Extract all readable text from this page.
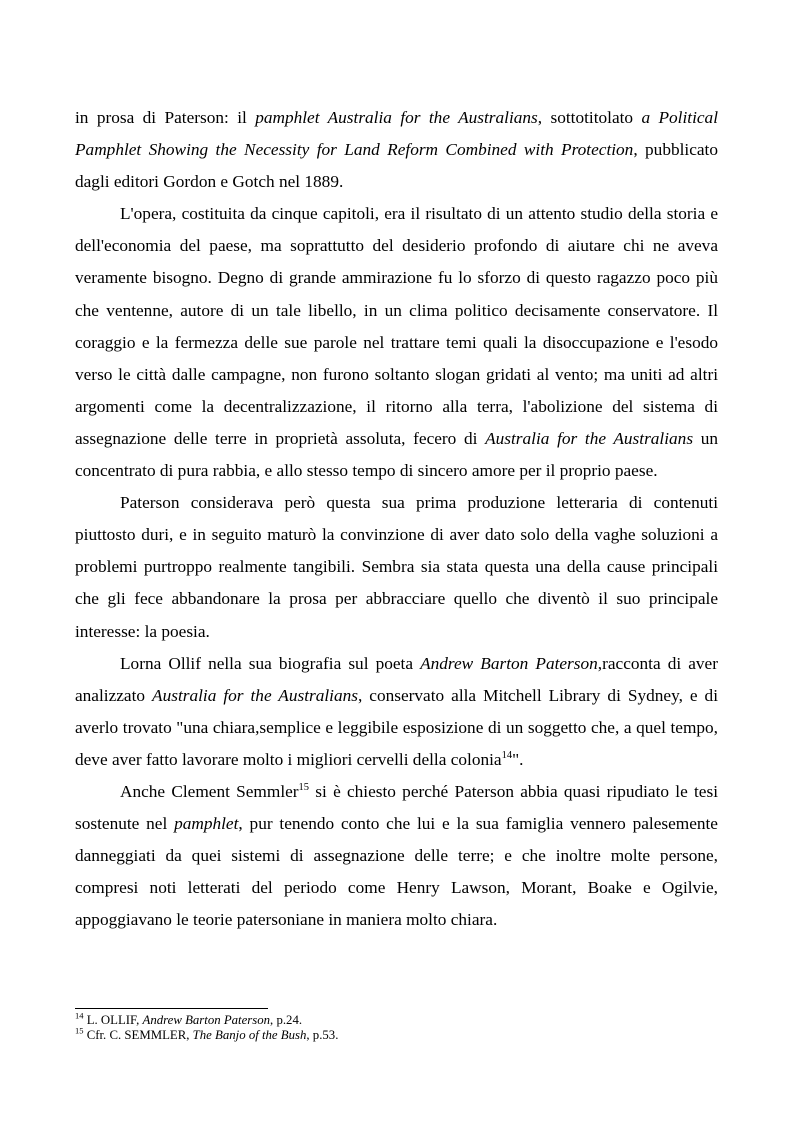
in prosa di Paterson: il pamphlet Australia for the Australians, sottotitolato a Political Pamphlet Showing the Necessity for Land Reform Combined with Protection, pubblicato dagli editori Gordon e Gotch nel 1889.

L'opera, costituita da cinque capitoli, era il risultato di un attento studio della storia e dell'economia del paese, ma soprattutto del desiderio profondo di aiutare chi ne aveva veramente bisogno. Degno di grande ammirazione fu lo sforzo di questo ragazzo poco più che ventenne, autore di un tale libello, in un clima politico decisamente conservatore. Il coraggio e la fermezza delle sue parole nel trattare temi quali la disoccupazione e l'esodo verso le città dalle campagne, non furono soltanto slogan gridati al vento; ma uniti ad altri argomenti come la decentralizzazione, il ritorno alla terra, l'abolizione del sistema di assegnazione delle terre in proprietà assoluta, fecero di Australia for the Australians un concentrato di pura rabbia, e allo stesso tempo di sincero amore per il proprio paese.

Paterson considerava però questa sua prima produzione letteraria di contenuti piuttosto duri, e in seguito maturò la convinzione di aver dato solo della vaghe soluzioni a problemi purtroppo realmente tangibili. Sembra sia stata questa una della cause principali che gli fece abbandonare la prosa per abbracciare quello che diventò il suo principale interesse: la poesia.

Lorna Ollif nella sua biografia sul poeta Andrew Barton Paterson,racconta di aver analizzato Australia for the Australians, conservato alla Mitchell Library di Sydney, e di averlo trovato "una chiara,semplice e leggibile esposizione di un soggetto che, a quel tempo, deve aver fatto lavorare molto i migliori cervelli della colonia$^{14}$".

Anche Clement Semmler$^{15}$ si è chiesto perché Paterson abbia quasi ripudiato le tesi sostenute nel pamphlet, pur tenendo conto che lui e la sua famiglia vennero palesemente danneggiati da quei sistemi di assegnazione delle terre; e che inoltre molte persone, compresi noti letterati del periodo come Henry Lawson, Morant, Boake e Ogilvie, appoggiavano le teorie patersoniane in maniera molto chiara.

$^{14}$ L. OLLIF, Andrew Barton Paterson, p.24.
$^{15}$ Cfr. C. SEMMLER, The Banjo of the Bush, p.53.
